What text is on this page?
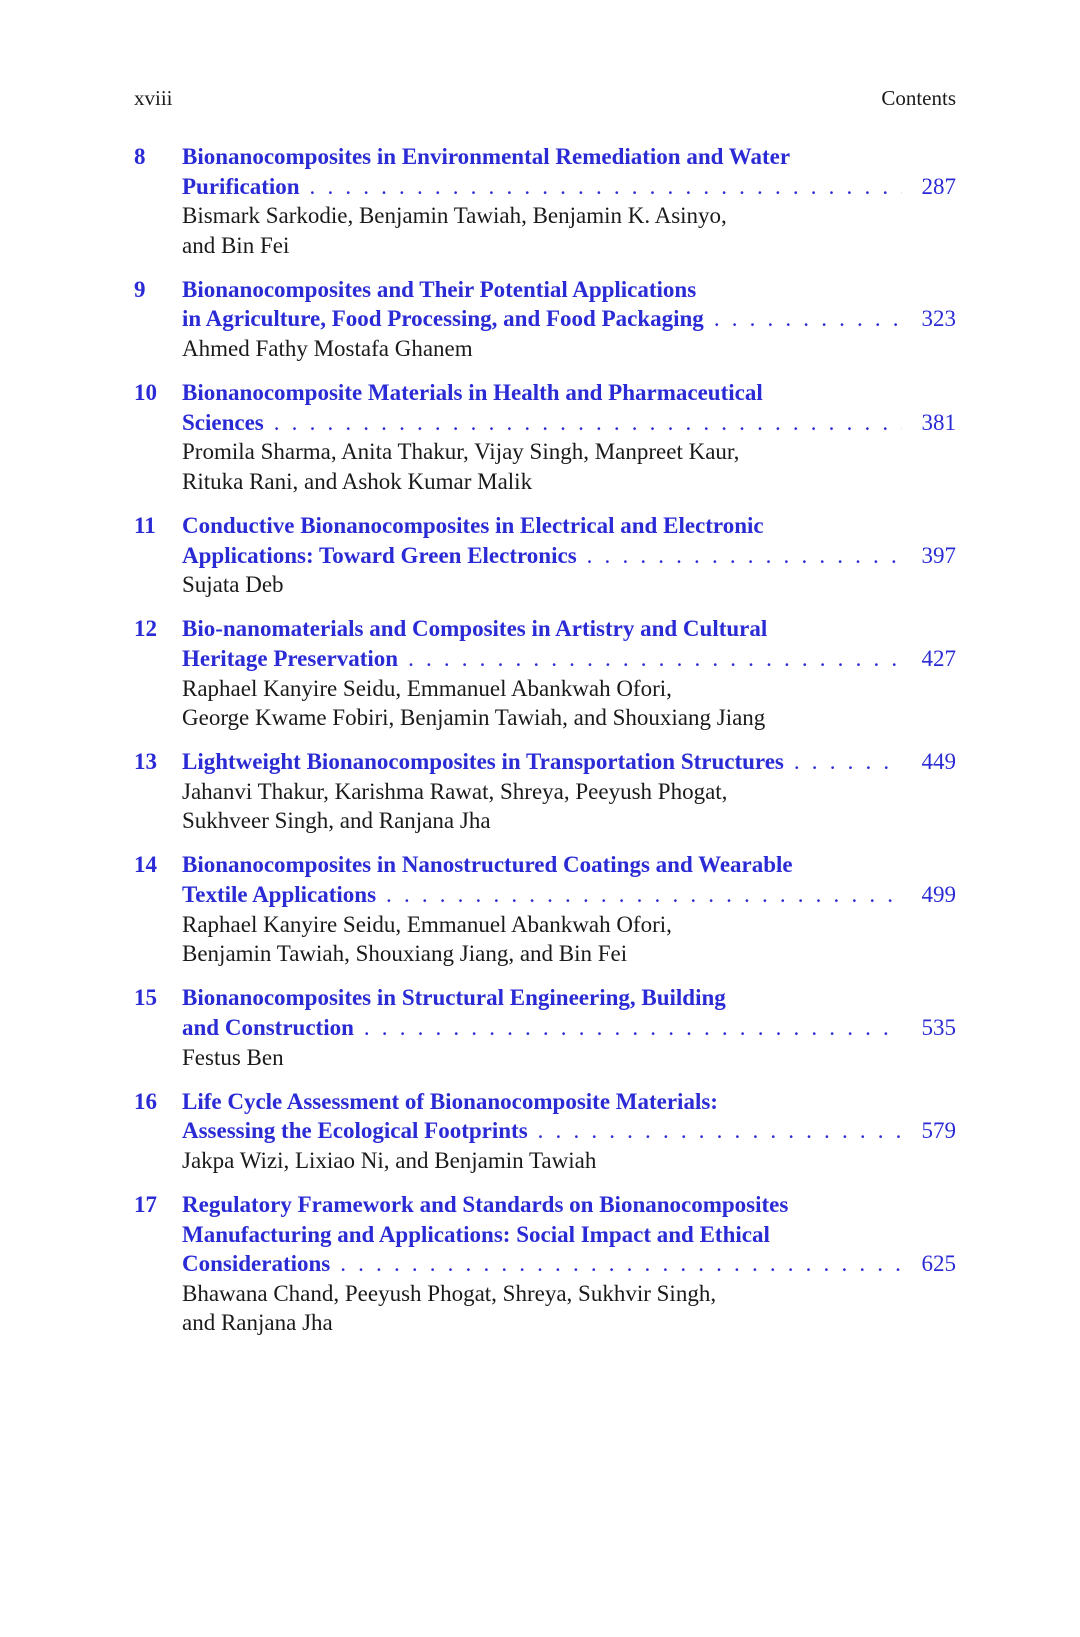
xviii	Contents
8 Bionanocomposites in Environmental Remediation and Water
Purification . . .	287
Bismark Sarkodie, Benjamin Tawiah, Benjamin K. Asinyo,
and Bin Fei
9 Bionanocomposites and Their Potential Applications
in Agriculture, Food Processing, and Food Packaging . . .	323
Ahmed Fathy Mostafa Ghanem
10 Bionanocomposite Materials in Health and Pharmaceutical
Sciences . . .	381
Promila Sharma, Anita Thakur, Vijay Singh, Manpreet Kaur,
Rituka Rani, and Ashok Kumar Malik
11 Conductive Bionanocomposites in Electrical and Electronic
Applications: Toward Green Electronics . . .	397
Sujata Deb
12 Bio-nanomaterials and Composites in Artistry and Cultural
Heritage Preservation . . .	427
Raphael Kanyire Seidu, Emmanuel Abankwah Ofori,
George Kwame Fobiri, Benjamin Tawiah, and Shouxiang Jiang
13 Lightweight Bionanocomposites in Transportation Structures . . .	449
Jahanvi Thakur, Karishma Rawat, Shreya, Peeyush Phogat,
Sukhveer Singh, and Ranjana Jha
14 Bionanocomposites in Nanostructured Coatings and Wearable
Textile Applications . . .	499
Raphael Kanyire Seidu, Emmanuel Abankwah Ofori,
Benjamin Tawiah, Shouxiang Jiang, and Bin Fei
15 Bionanocomposites in Structural Engineering, Building
and Construction . . .	535
Festus Ben
16 Life Cycle Assessment of Bionanocomposite Materials:
Assessing the Ecological Footprints . . .	579
Jakpa Wizi, Lixiao Ni, and Benjamin Tawiah
17 Regulatory Framework and Standards on Bionanocomposites
Manufacturing and Applications: Social Impact and Ethical
Considerations . . .	625
Bhawana Chand, Peeyush Phogat, Shreya, Sukhvir Singh,
and Ranjana Jha
